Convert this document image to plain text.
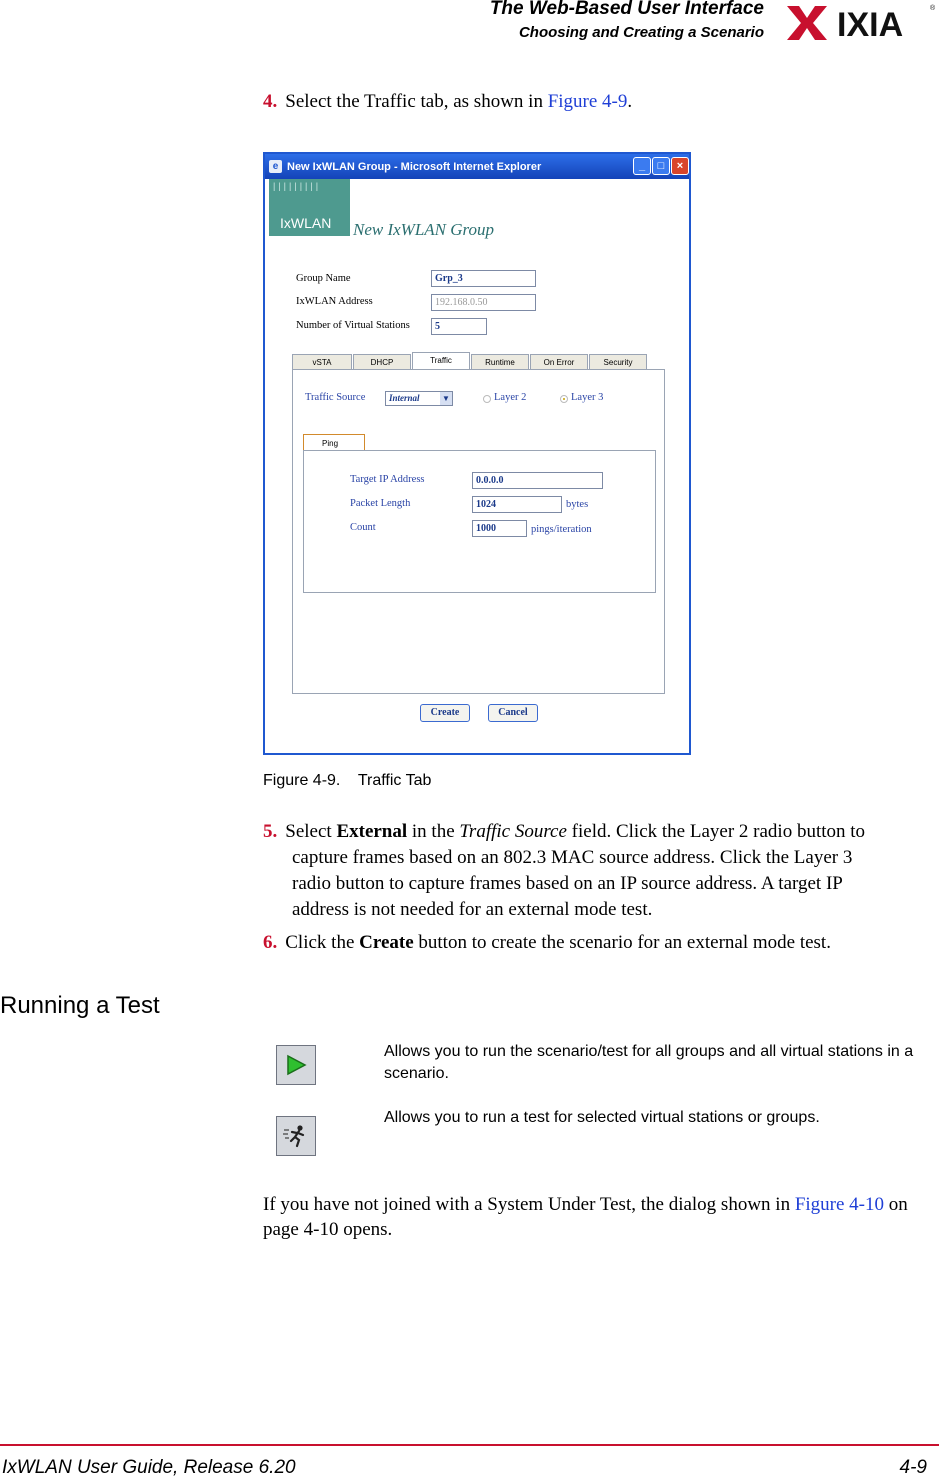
The Web-Based User Interface
Choosing and Creating a Scenario IXIA	®
4. Select the Traffic tab, as shown in Figure 4-9.
e New IxWLAN Group - Microsoft Internet Explorer	_	□	×
|||||||||
IxWLAN New IxWLAN Group
Group Name	Grp_3
IxWLAN Address	192.168.0.50
Number of Virtual Stations	5
vSTA	DHCP	Traffic	Runtime	On Error	Security
Traffic Source	Internal	▼	Layer 2	Layer 3
Ping
Target IP Address	0.0.0.0
Packet Length	1024	bytes
Count	1000	pings/iteration
Create	Cancel
Figure 4-9.    Traffic Tab
5. Select External in the Traffic Source field. Click the Layer 2 radio button to
capture frames based on an 802.3 MAC source address. Click the Layer 3
radio button to capture frames based on an IP source address. A target IP
address is not needed for an external mode test.
6. Click the Create button to create the scenario for an external mode test.
Running a Test
Allows you to run the scenario/test for all groups and all virtual stations in a scenario.
Allows you to run a test for selected virtual stations or groups.
If you have not joined with a System Under Test, the dialog shown in Figure 4-10 on page 4-10 opens.
IxWLAN User Guide, Release 6.20	4-9
